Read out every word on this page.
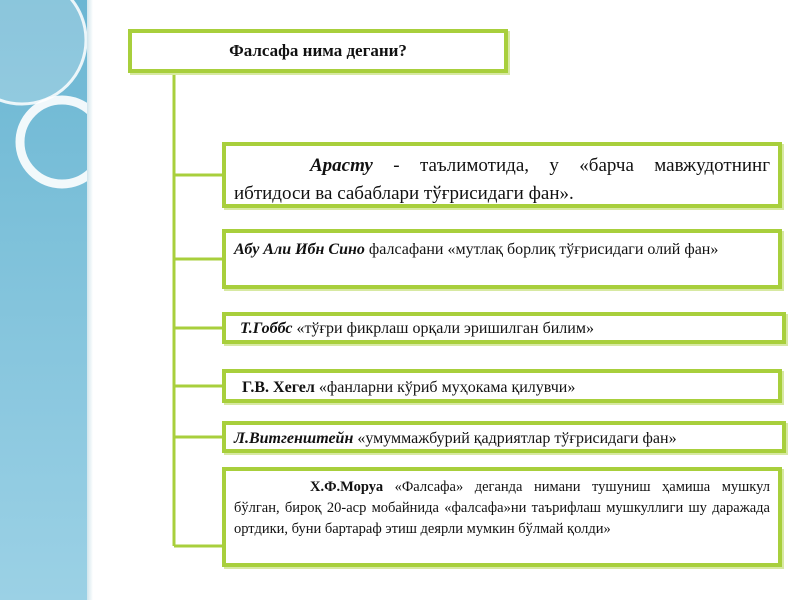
Фалсафа нима дегани?
Арасту - таълимотида, у «барча мавжудотнинг ибтидоси ва сабаблари тўғрисидаги фан».
Абу Али Ибн Сино фалсафани «мутлақ борлиқ тўғрисидаги олий фан»
Т.Гоббс «тўғри фикрлаш орқали эришилган билим»
Г.В. Хегел «фанларни кўриб муҳокама қилувчи»
Л.Витгенштейн «умуммажбурий қадриятлар тўғрисидаги фан»
Х.Ф.Моруа «Фалсафа» деганда нимани тушуниш ҳамиша мушкул бўлган, бироқ 20-аср мобайнида «фалсафа»ни таърифлаш мушкуллиги шу даражада ортдики, буни бартараф этиш деярли мумкин бўлмай қолди»
